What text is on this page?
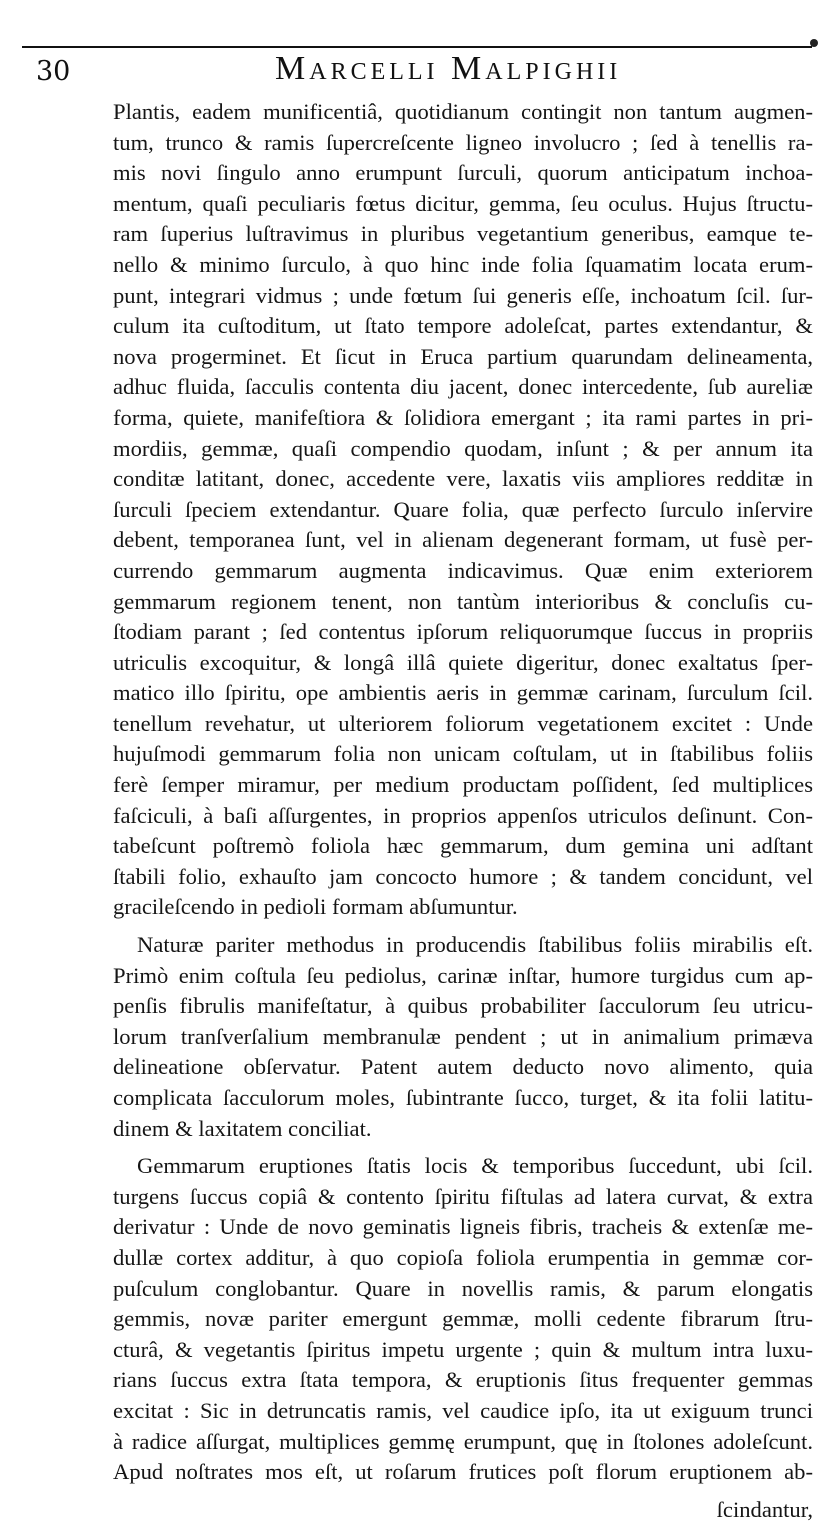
30	Marcelli Malpighii
Plantis, eadem munificentiâ, quotidianum contingit non tantum augmen-
tum, trunco & ramis ſupercreſcente ligneo involucro ; ſed à tenellis ra-
mis novi ſingulo anno erumpunt ſurculi, quorum anticipatum inchoa-
mentum, quaſi peculiaris fœtus dicitur, gemma, ſeu oculus. Hujus ſtructu-
ram ſuperius luſtravimus in pluribus vegetantium generibus, eamque te-
nello & minimo ſurculo, à quo hinc inde folia ſquamatim locata erum-
punt, integrari vidmus ; unde fœtum ſui generis eſſe, inchoatum ſcil. ſur-
culum ita cuſtoditum, ut ſtato tempore adoleſcat, partes extendantur, &
nova progerminet. Et ſicut in Eruca partium quarundam delineamenta,
adhuc fluida, ſacculis contenta diu jacent, donec intercedente, ſub aureliæ
forma, quiete, manifeſtiora & ſolidiora emergant ; ita rami partes in pri-
mordiis, gemmæ, quaſi compendio quodam, inſunt ; & per annum ita
conditæ latitant, donec, accedente vere, laxatis viis ampliores redditæ in
ſurculi ſpeciem extendantur. Quare folia, quæ perfecto ſurculo inſervire
debent, temporanea ſunt, vel in alienam degenerant formam, ut fusè per-
currendo gemmarum augmenta indicavimus. Quæ enim exteriorem
gemmarum regionem tenent, non tantùm interioribus & concluſis cu-
ſtodiam parant ; ſed contentus ipſorum reliquorumque ſuccus in propriis
utriculis excoquitur, & longâ illâ quiete digeritur, donec exaltatus ſper-
matico illo ſpiritu, ope ambientis aeris in gemmæ carinam, ſurculum ſcil.
tenellum revehatur, ut ulteriorem foliorum vegetationem excitet : Unde
hujuſmodi gemmarum folia non unicam coſtulam, ut in ſtabilibus foliis
ferè ſemper miramur, per medium productam poſſident, ſed multiplices
faſciculi, à baſi aſſurgentes, in proprios appenſos utriculos deſinunt. Con-
tabeſcunt poſtremò foliola hæc gemmarum, dum gemina uni adſtant
ſtabili folio, exhauſto jam concocto humore ; & tandem concidunt, vel
gracileſcendo in pedioli formam abſumuntur.
Naturæ pariter methodus in producendis ſtabilibus foliis mirabilis eſt.
Primò enim coſtula ſeu pediolus, carinæ inſtar, humore turgidus cum ap-
penſis fibrulis manifeſtatur, à quibus probabiliter ſacculorum ſeu utricu-
lorum tranſverſalium membranulæ pendent ; ut in animalium primæva
delineatione obſervatur. Patent autem deducto novo alimento, quia
complicata ſacculorum moles, ſubintrante ſucco, turget, & ita folii latitu-
dinem & laxitatem conciliat.
Gemmarum eruptiones ſtatis locis & temporibus ſuccedunt, ubi ſcil.
turgens ſuccus copiâ & contento ſpiritu fiſtulas ad latera curvat, & extra
derivatur : Unde de novo geminatis ligneis fibris, tracheis & extenſæ me-
dullæ cortex additur, à quo copioſa foliola erumpentia in gemmæ cor-
puſculum conglobantur. Quare in novellis ramis, & parum elongatis
gemmis, novæ pariter emergunt gemmæ, molli cedente fibrarum ſtru-
cturâ, & vegetantis ſpiritus impetu urgente ; quin & multum intra luxu-
rians ſuccus extra ſtata tempora, & eruptionis ſitus frequenter gemmas
excitat : Sic in detruncatis ramis, vel caudice ipſo, ita ut exiguum trunci
à radice aſſurgat, multiplices gemmę erumpunt, quę in ſtolones adoleſcunt.
Apud noſtrates mos eſt, ut roſarum frutices poſt florum eruptionem ab-
ſcindantur,
